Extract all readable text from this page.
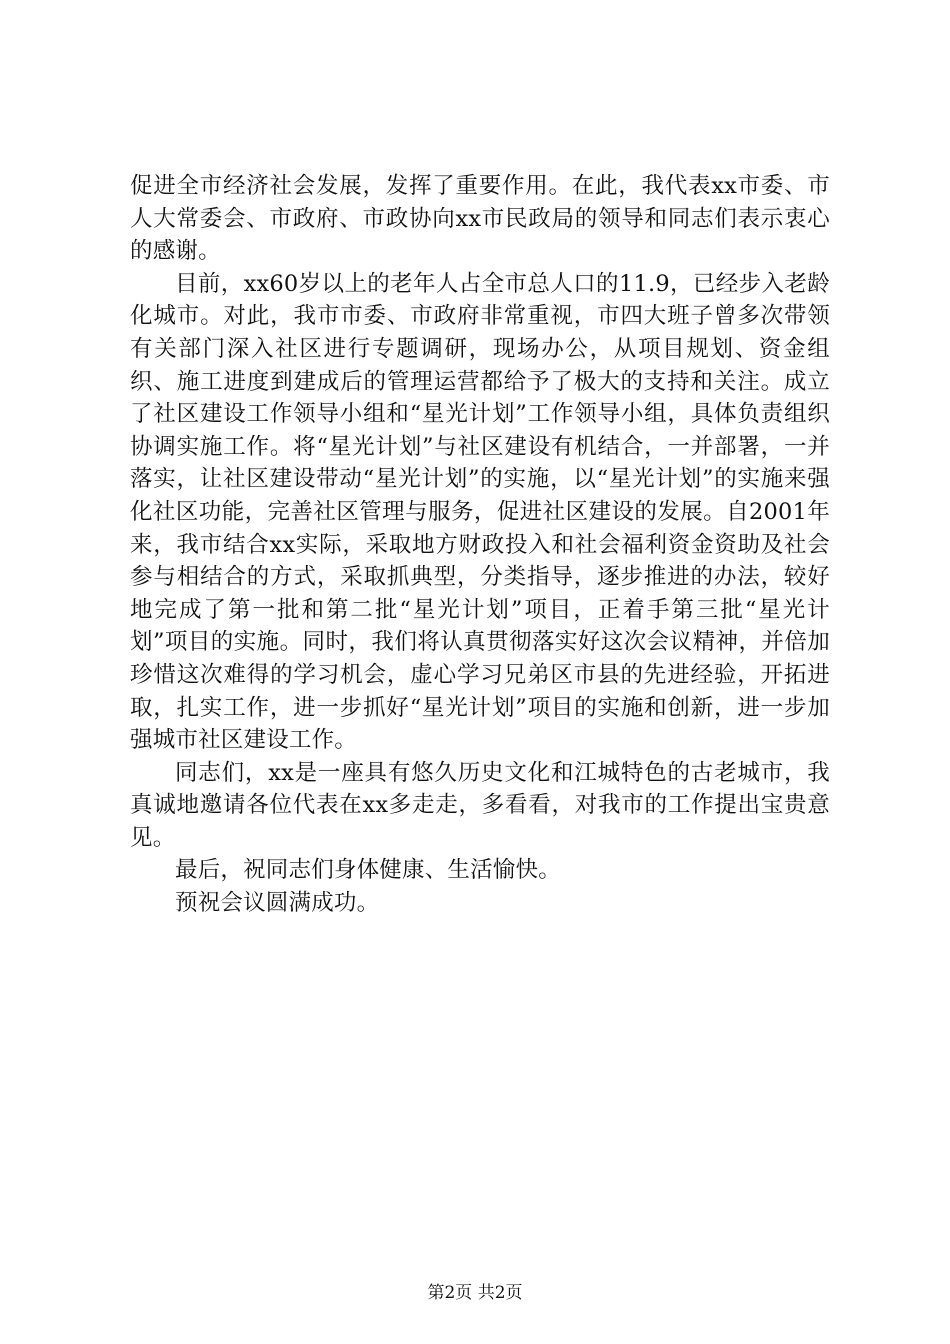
促进全市经济社会发展，发挥了重要作用。在此，我代表xx市委、市人大常委会、市政府、市政协向xx市民政局的领导和同志们表示衷心的感谢。

目前，xx60岁以上的老年人占全市总人口的11.9，已经步入老龄化城市。对此，我市市委、市政府非常重视，市四大班子曾多次带领有关部门深入社区进行专题调研，现场办公，从项目规划、资金组织、施工进度到建成后的管理运营都给予了极大的支持和关注。成立了社区建设工作领导小组和“星光计划”工作领导小组，具体负责组织协调实施工作。将“星光计划”与社区建设有机结合，一并部署，一并落实，让社区建设带动“星光计划”的实施，以“星光计划”的实施来强化社区功能，完善社区管理与服务，促进社区建设的发展。自2001年来，我市结合xx实际，采取地方财政投入和社会福利资金资助及社会参与相结合的方式，采取抓典型，分类指导，逐步推进的办法，较好地完成了第一批和第二批“星光计划”项目，正着手第三批“星光计划”项目的实施。同时，我们将认真贯彻落实好这次会议精神，并倍加珍惜这次难得的学习机会，虚心学习兄弟区市县的先进经验，开拓进取，扎实工作，进一步抓好“星光计划”项目的实施和创新，进一步加强城市社区建设工作。

同志们，xx是一座具有悠久历史文化和江城特色的古老城市，我真诚地邀请各位代表在xx多走走，多看看，对我市的工作提出宝贵意见。

最后，祝同志们身体健康、生活愉快。

预祝会议圆满成功。

第2页 共2页
